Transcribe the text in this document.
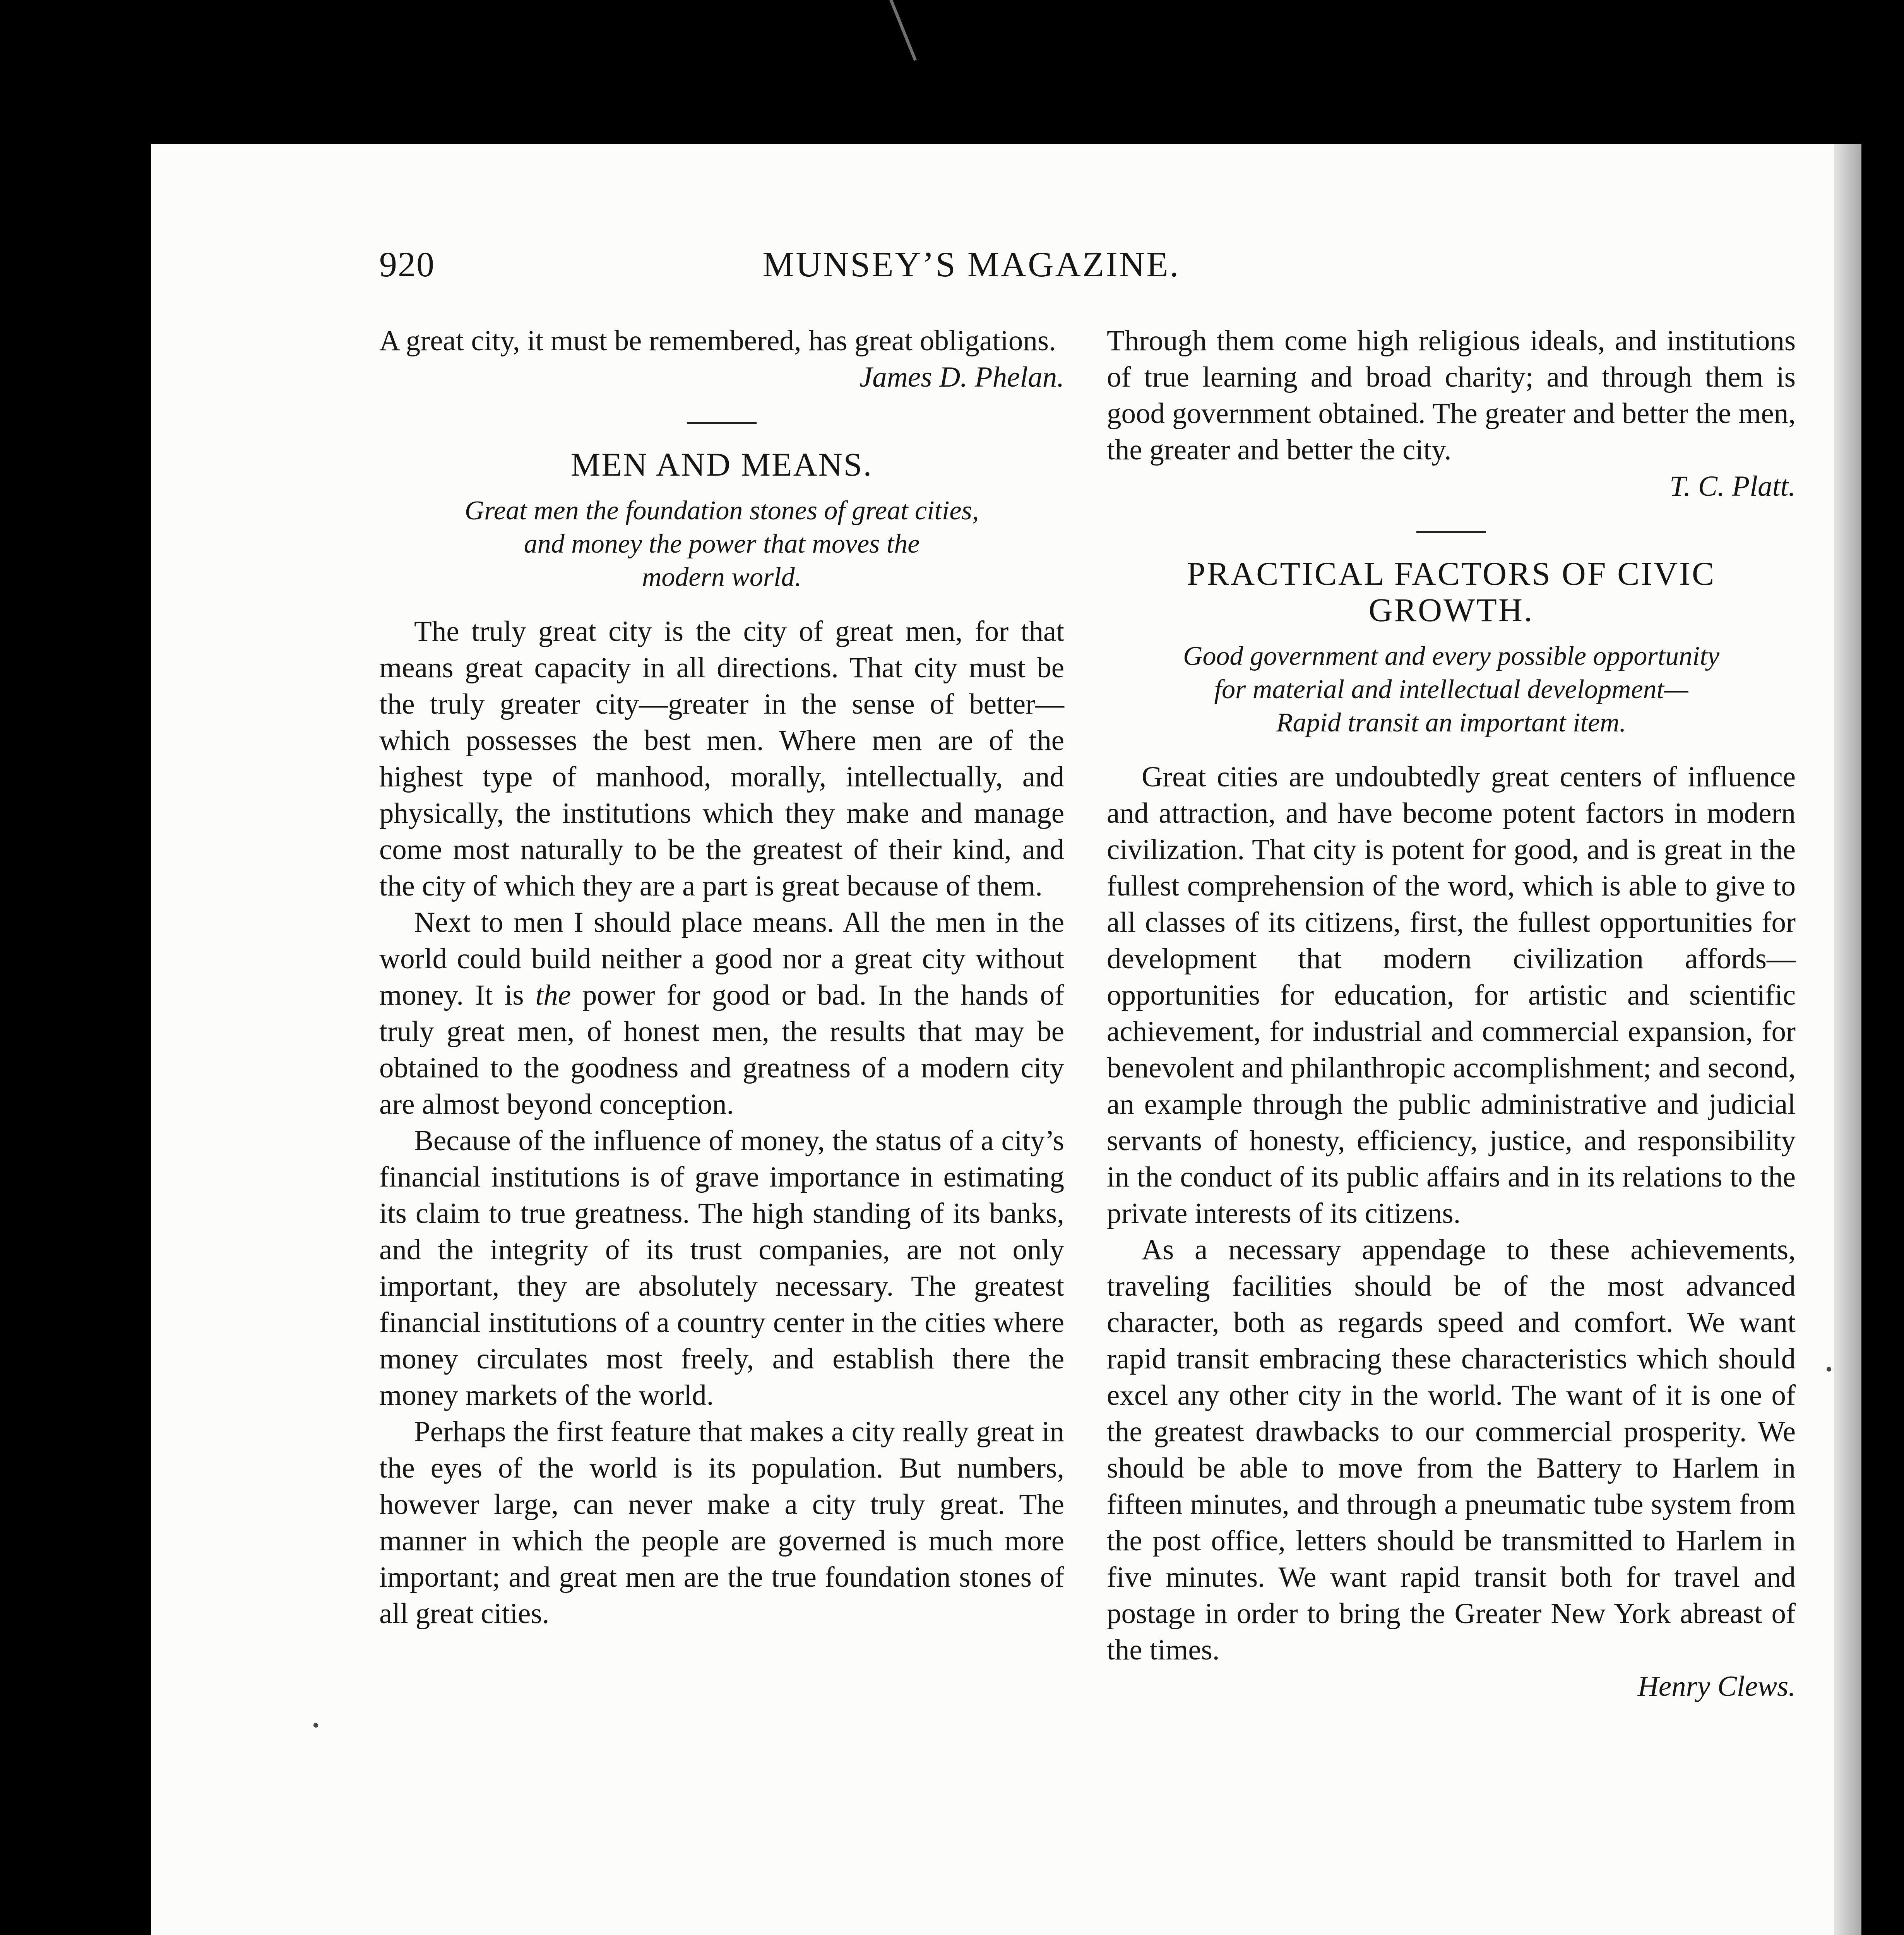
920	MUNSEY’S MAGAZINE.

A great city, it must be remembered, has great obligations.

James D. Phelan.

MEN AND MEANS.
Great men the foundation stones of great cities,
and money the power that moves the
modern world.

The truly great city is the city of great men, for that means great capacity in all directions. That city must be the truly greater city—greater in the sense of better—which possesses the best men. Where men are of the highest type of manhood, morally, intellectually, and physically, the institutions which they make and manage come most naturally to be the greatest of their kind, and the city of which they are a part is great because of them.

Next to men I should place means. All the men in the world could build neither a good nor a great city without money. It is the power for good or bad. In the hands of truly great men, of honest men, the results that may be obtained to the goodness and greatness of a modern city are almost beyond conception.

Because of the influence of money, the status of a city’s financial institutions is of grave importance in estimating its claim to true greatness. The high standing of its banks, and the integrity of its trust companies, are not only important, they are absolutely necessary. The greatest financial institutions of a country center in the cities where money circulates most freely, and establish there the money markets of the world.

Perhaps the first feature that makes a city really great in the eyes of the world is its population. But numbers, however large, can never make a city truly great. The manner in which the people are governed is much more important; and great men are the true foundation stones of all great cities.

Through them come high religious ideals, and institutions of true learning and broad charity; and through them is good government obtained. The greater and better the men, the greater and better the city.

T. C. Platt.

PRACTICAL FACTORS OF CIVIC
GROWTH.
Good government and every possible opportunity
for material and intellectual development—
Rapid transit an important item.

Great cities are undoubtedly great centers of influence and attraction, and have become potent factors in modern civilization. That city is potent for good, and is great in the fullest comprehension of the word, which is able to give to all classes of its citizens, first, the fullest opportunities for development that modern civilization affords—opportunities for education, for artistic and scientific achievement, for industrial and commercial expansion, for benevolent and philanthropic accomplishment; and second, an example through the public administrative and judicial servants of honesty, efficiency, justice, and responsibility in the conduct of its public affairs and in its relations to the private interests of its citizens.

As a necessary appendage to these achievements, traveling facilities should be of the most advanced character, both as regards speed and comfort. We want rapid transit embracing these characteristics which should excel any other city in the world. The want of it is one of the greatest drawbacks to our commercial prosperity. We should be able to move from the Battery to Harlem in fifteen minutes, and through a pneumatic tube system from the post office, letters should be transmitted to Harlem in five minutes. We want rapid transit both for travel and postage in order to bring the Greater New York abreast of the times.

Henry Clews.
